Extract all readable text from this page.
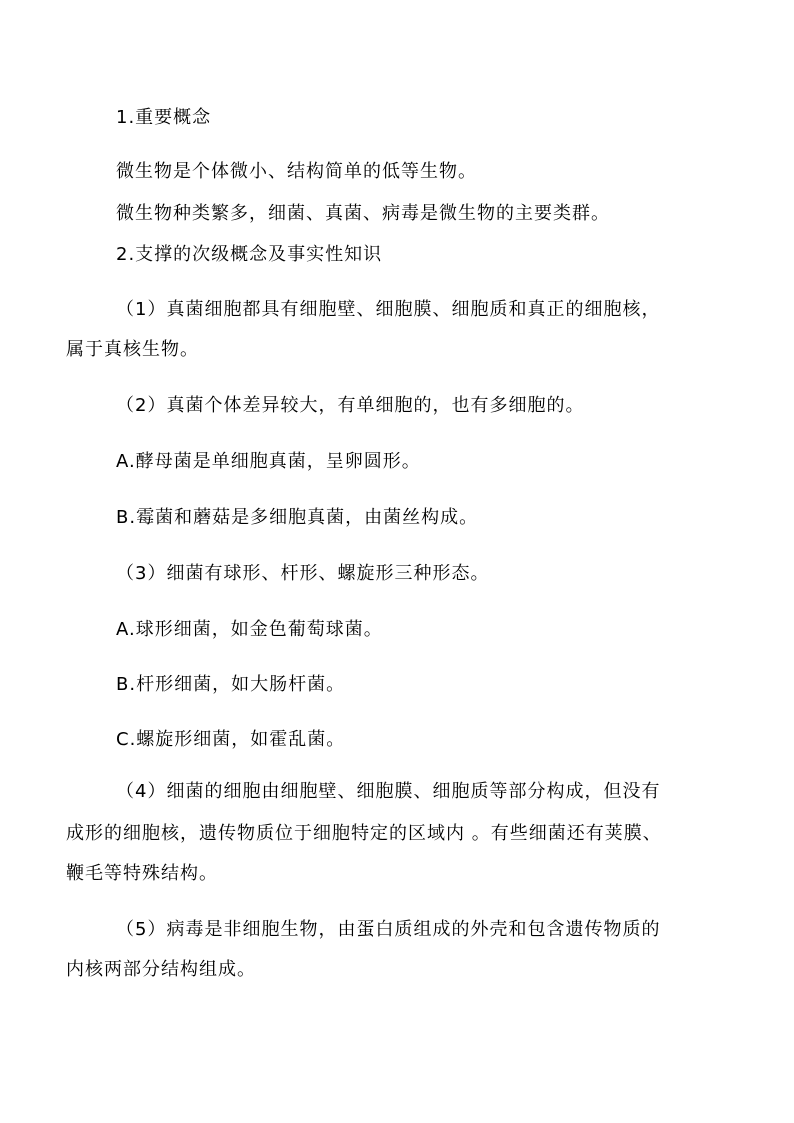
1.重要概念
微生物是个体微小、结构简单的低等生物。
微生物种类繁多，细菌、真菌、病毒是微生物的主要类群。
2.支撑的次级概念及事实性知识
（1）真菌细胞都具有细胞壁、细胞膜、细胞质和真正的细胞核，
属于真核生物。
（2）真菌个体差异较大，有单细胞的，也有多细胞的。
A.酵母菌是单细胞真菌，呈卵圆形。
B.霉菌和蘑菇是多细胞真菌，由菌丝构成。
（3）细菌有球形、杆形、螺旋形三种形态。
A.球形细菌，如金色葡萄球菌。
B.杆形细菌，如大肠杆菌。
C.螺旋形细菌，如霍乱菌。
（4）细菌的细胞由细胞壁、细胞膜、细胞质等部分构成，但没有
成形的细胞核，遗传物质位于细胞特定的区域内 。有些细菌还有荚膜、
鞭毛等特殊结构。
（5）病毒是非细胞生物，由蛋白质组成的外壳和包含遗传物质的
内核两部分结构组成。
